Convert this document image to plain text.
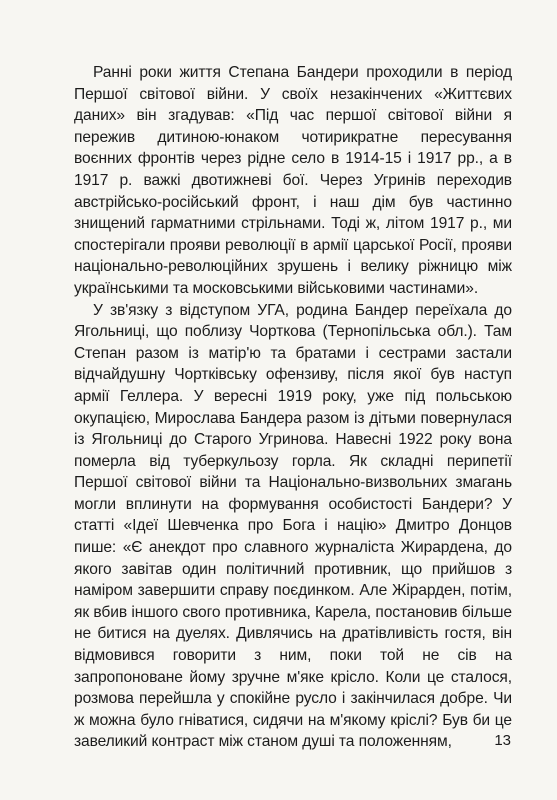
Ранні роки життя Степана Бандери проходили в період Першої світової війни. У своїх незакінчених «Життєвих даних» він згадував: «Під час першої світової війни я пережив дитиною-юнаком чотирикратне пересування воєнних фронтів через рідне село в 1914-15 і 1917 рр., а в 1917 р. важкі двотижневі бої. Через Угринів переходив австрійсько-російський фронт, і наш дім був частинно знищений гарматними стрільнами. Тоді ж, літом 1917 р., ми спостерігали прояви революції в армії царської Росії, прояви національно-революційних зрушень і велику ріжницю між українськими та московськими військовими частинами».

У зв'язку з відступом УГА, родина Бандер переїхала до Ягольниці, що поблизу Чорткова (Тернопільська обл.). Там Степан разом із матір'ю та братами і сестрами застали відчайдушну Чортківську офензиву, після якої був наступ армії Геллера. У вересні 1919 року, уже під польською окупацією, Мирослава Бандера разом із дітьми повернулася із Ягольниці до Старого Угринова. Навесні 1922 року вона померла від туберкульозу горла. Як складні перипетії Першої світової війни та Національно-визвольних змагань могли вплинути на формування особистості Бандери? У статті «Ідеї Шевченка про Бога і націю» Дмитро Донцов пише: «Є анекдот про славного журналіста Жирардена, до якого завітав один політичний противник, що прийшов з наміром завершити справу поєдинком. Але Жірарден, потім, як вбив іншого свого противника, Карела, постановив більше не битися на дуелях. Дивлячись на дратівливість гостя, він відмовився говорити з ним, поки той не сів на запропоноване йому зручне м'яке крісло. Коли це сталося, розмова перейшла у спокійне русло і закінчилася добре. Чи ж можна було гніватися, сидячи на м'якому кріслі? Був би це завеликий контраст між станом душі та положенням,	13
